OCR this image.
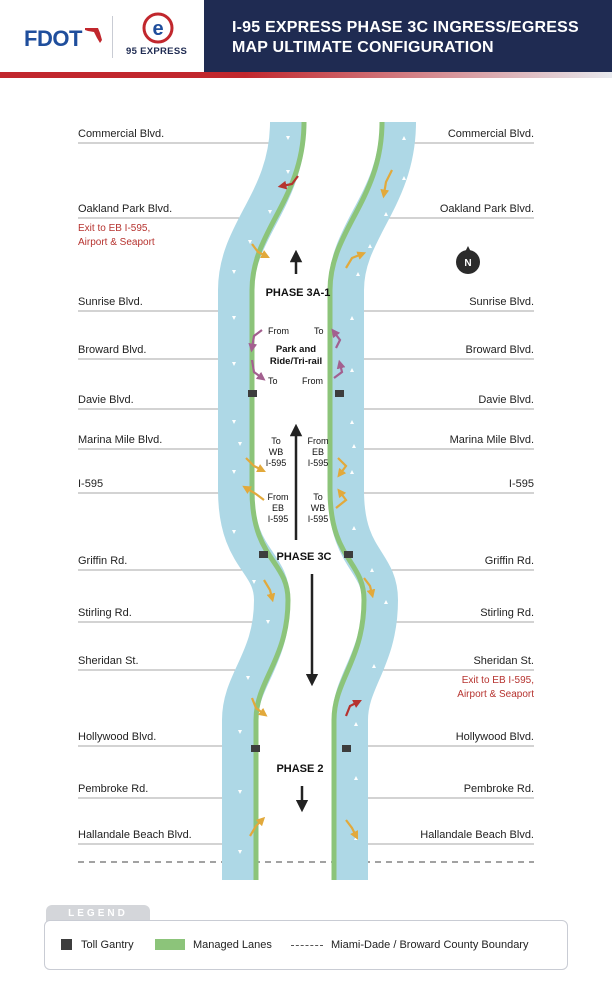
FDOT	e
95 EXPRESS
I-95 EXPRESS PHASE 3C INGRESS/EGRESS
MAP ULTIMATE CONFIGURATION
N
Commercial Blvd.
Oakland Park Blvd.
Sunrise Blvd.
Broward Blvd.
Davie Blvd.
Marina Mile Blvd.
I-595
Griffin Rd.
Stirling Rd.
Sheridan St.
Hollywood Blvd.
Pembroke Rd.
Hallandale Beach Blvd.
Commercial Blvd.
Oakland Park Blvd.
Sunrise Blvd.
Broward Blvd.
Davie Blvd.
Marina Mile Blvd.
I-595
Griffin Rd.
Stirling Rd.
Sheridan St.
Hollywood Blvd.
Pembroke Rd.
Hallandale Beach Blvd.
Exit to EB I-595,
Airport & Seaport
Exit to EB I-595,
Airport & Seaport
PHASE 3A-1
PHASE 3C
PHASE 2
From	To
Park and
Ride/Tri-rail
To	From
To
WB
I-595
From
EB
I-595
From
EB
I-595
To
WB
I-595
LEGEND
Toll Gantry	Managed Lanes	Miami-Dade / Broward County Boundary
